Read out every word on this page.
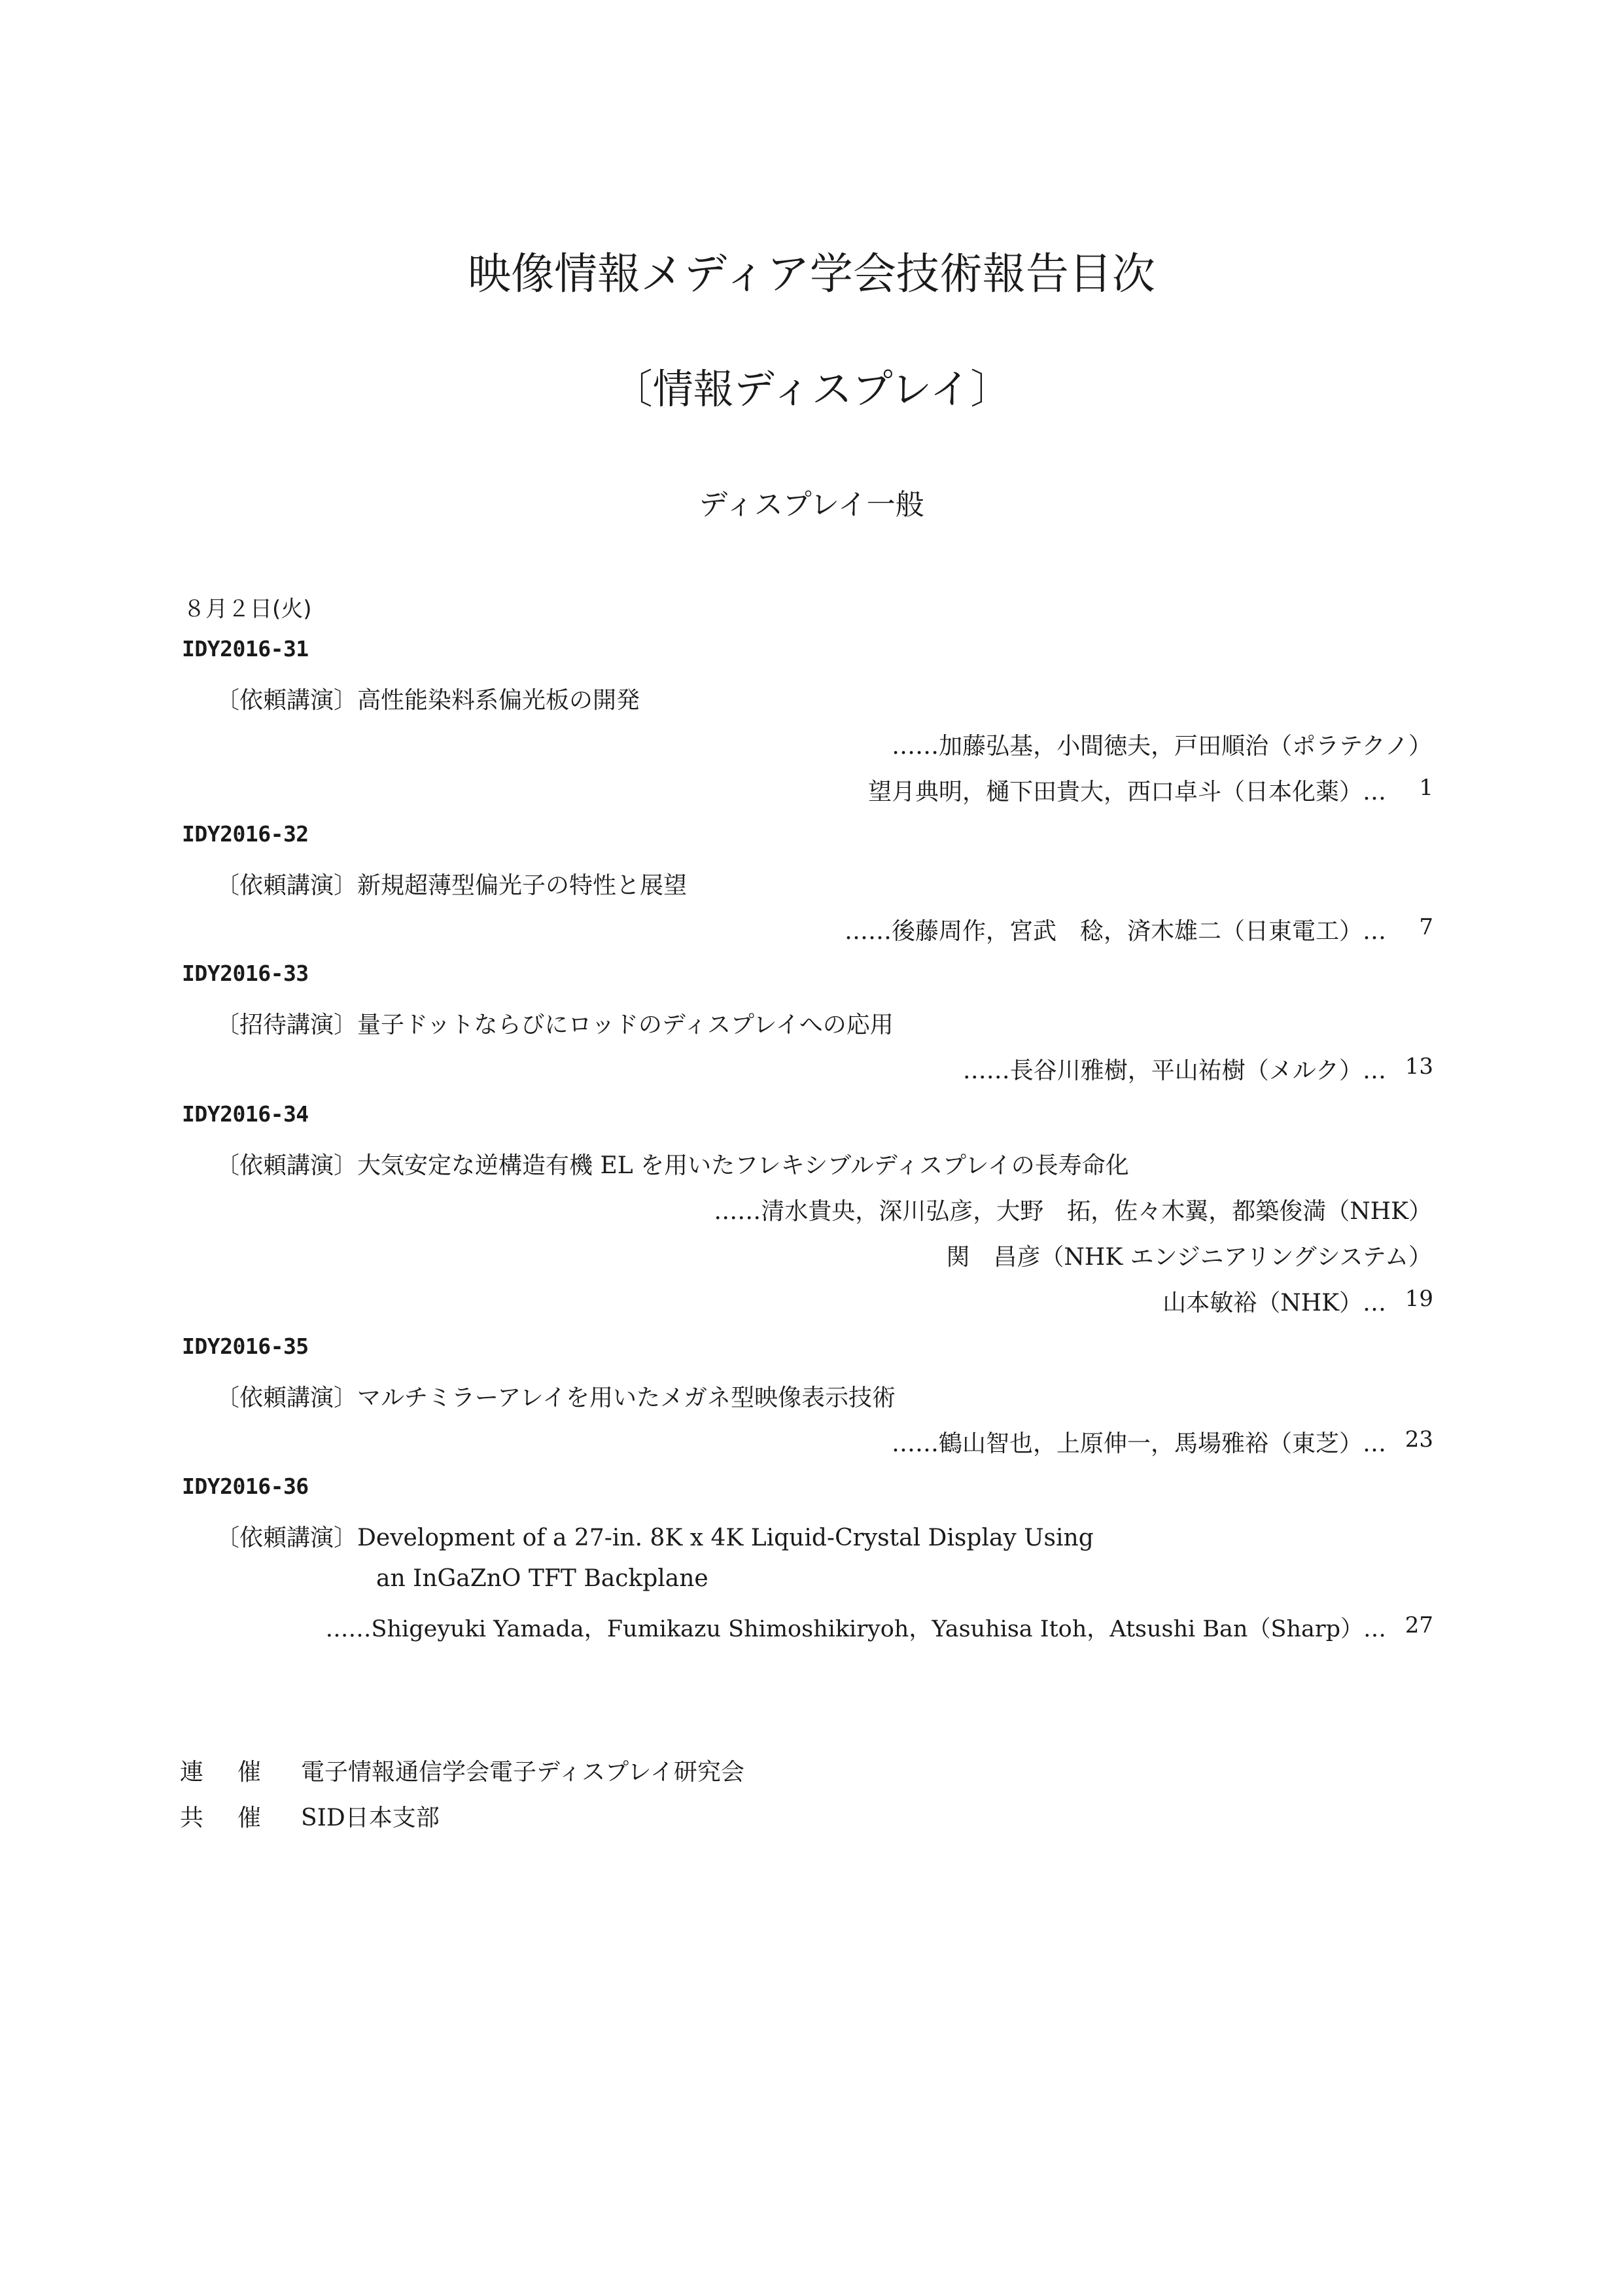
映像情報メディア学会技術報告目次
〔情報ディスプレイ〕
ディスプレイ一般
８月２日(火)
IDY2016-31
〔依頼講演〕高性能染料系偏光板の開発
……加藤弘基，小間徳夫，戸田順治（ポラテクノ）
望月典明，樋下田貴大，西口卓斗（日本化薬）…	1
IDY2016-32
〔依頼講演〕新規超薄型偏光子の特性と展望
……後藤周作，宮武　稔，済木雄二（日東電工）…	7
IDY2016-33
〔招待講演〕量子ドットならびにロッドのディスプレイへの応用
……長谷川雅樹，平山祐樹（メルク）… 13
IDY2016-34
〔依頼講演〕大気安定な逆構造有機 EL を用いたフレキシブルディスプレイの長寿命化
……清水貴央，深川弘彦，大野　拓，佐々木翼，都築俊満（NHK）
関　昌彦（NHK エンジニアリングシステム）
山本敏裕（NHK）… 19
IDY2016-35
〔依頼講演〕マルチミラーアレイを用いたメガネ型映像表示技術
……鶴山智也，上原伸一，馬場雅裕（東芝）… 23
IDY2016-36
〔依頼講演〕Development of a 27-in. 8K x 4K Liquid-Crystal Display Using
an InGaZnO TFT Backplane
……Shigeyuki Yamada，Fumikazu Shimoshikiryoh，Yasuhisa Itoh，Atsushi Ban（Sharp）… 27
連催 電子情報通信学会電子ディスプレイ研究会
共催 SID日本支部
